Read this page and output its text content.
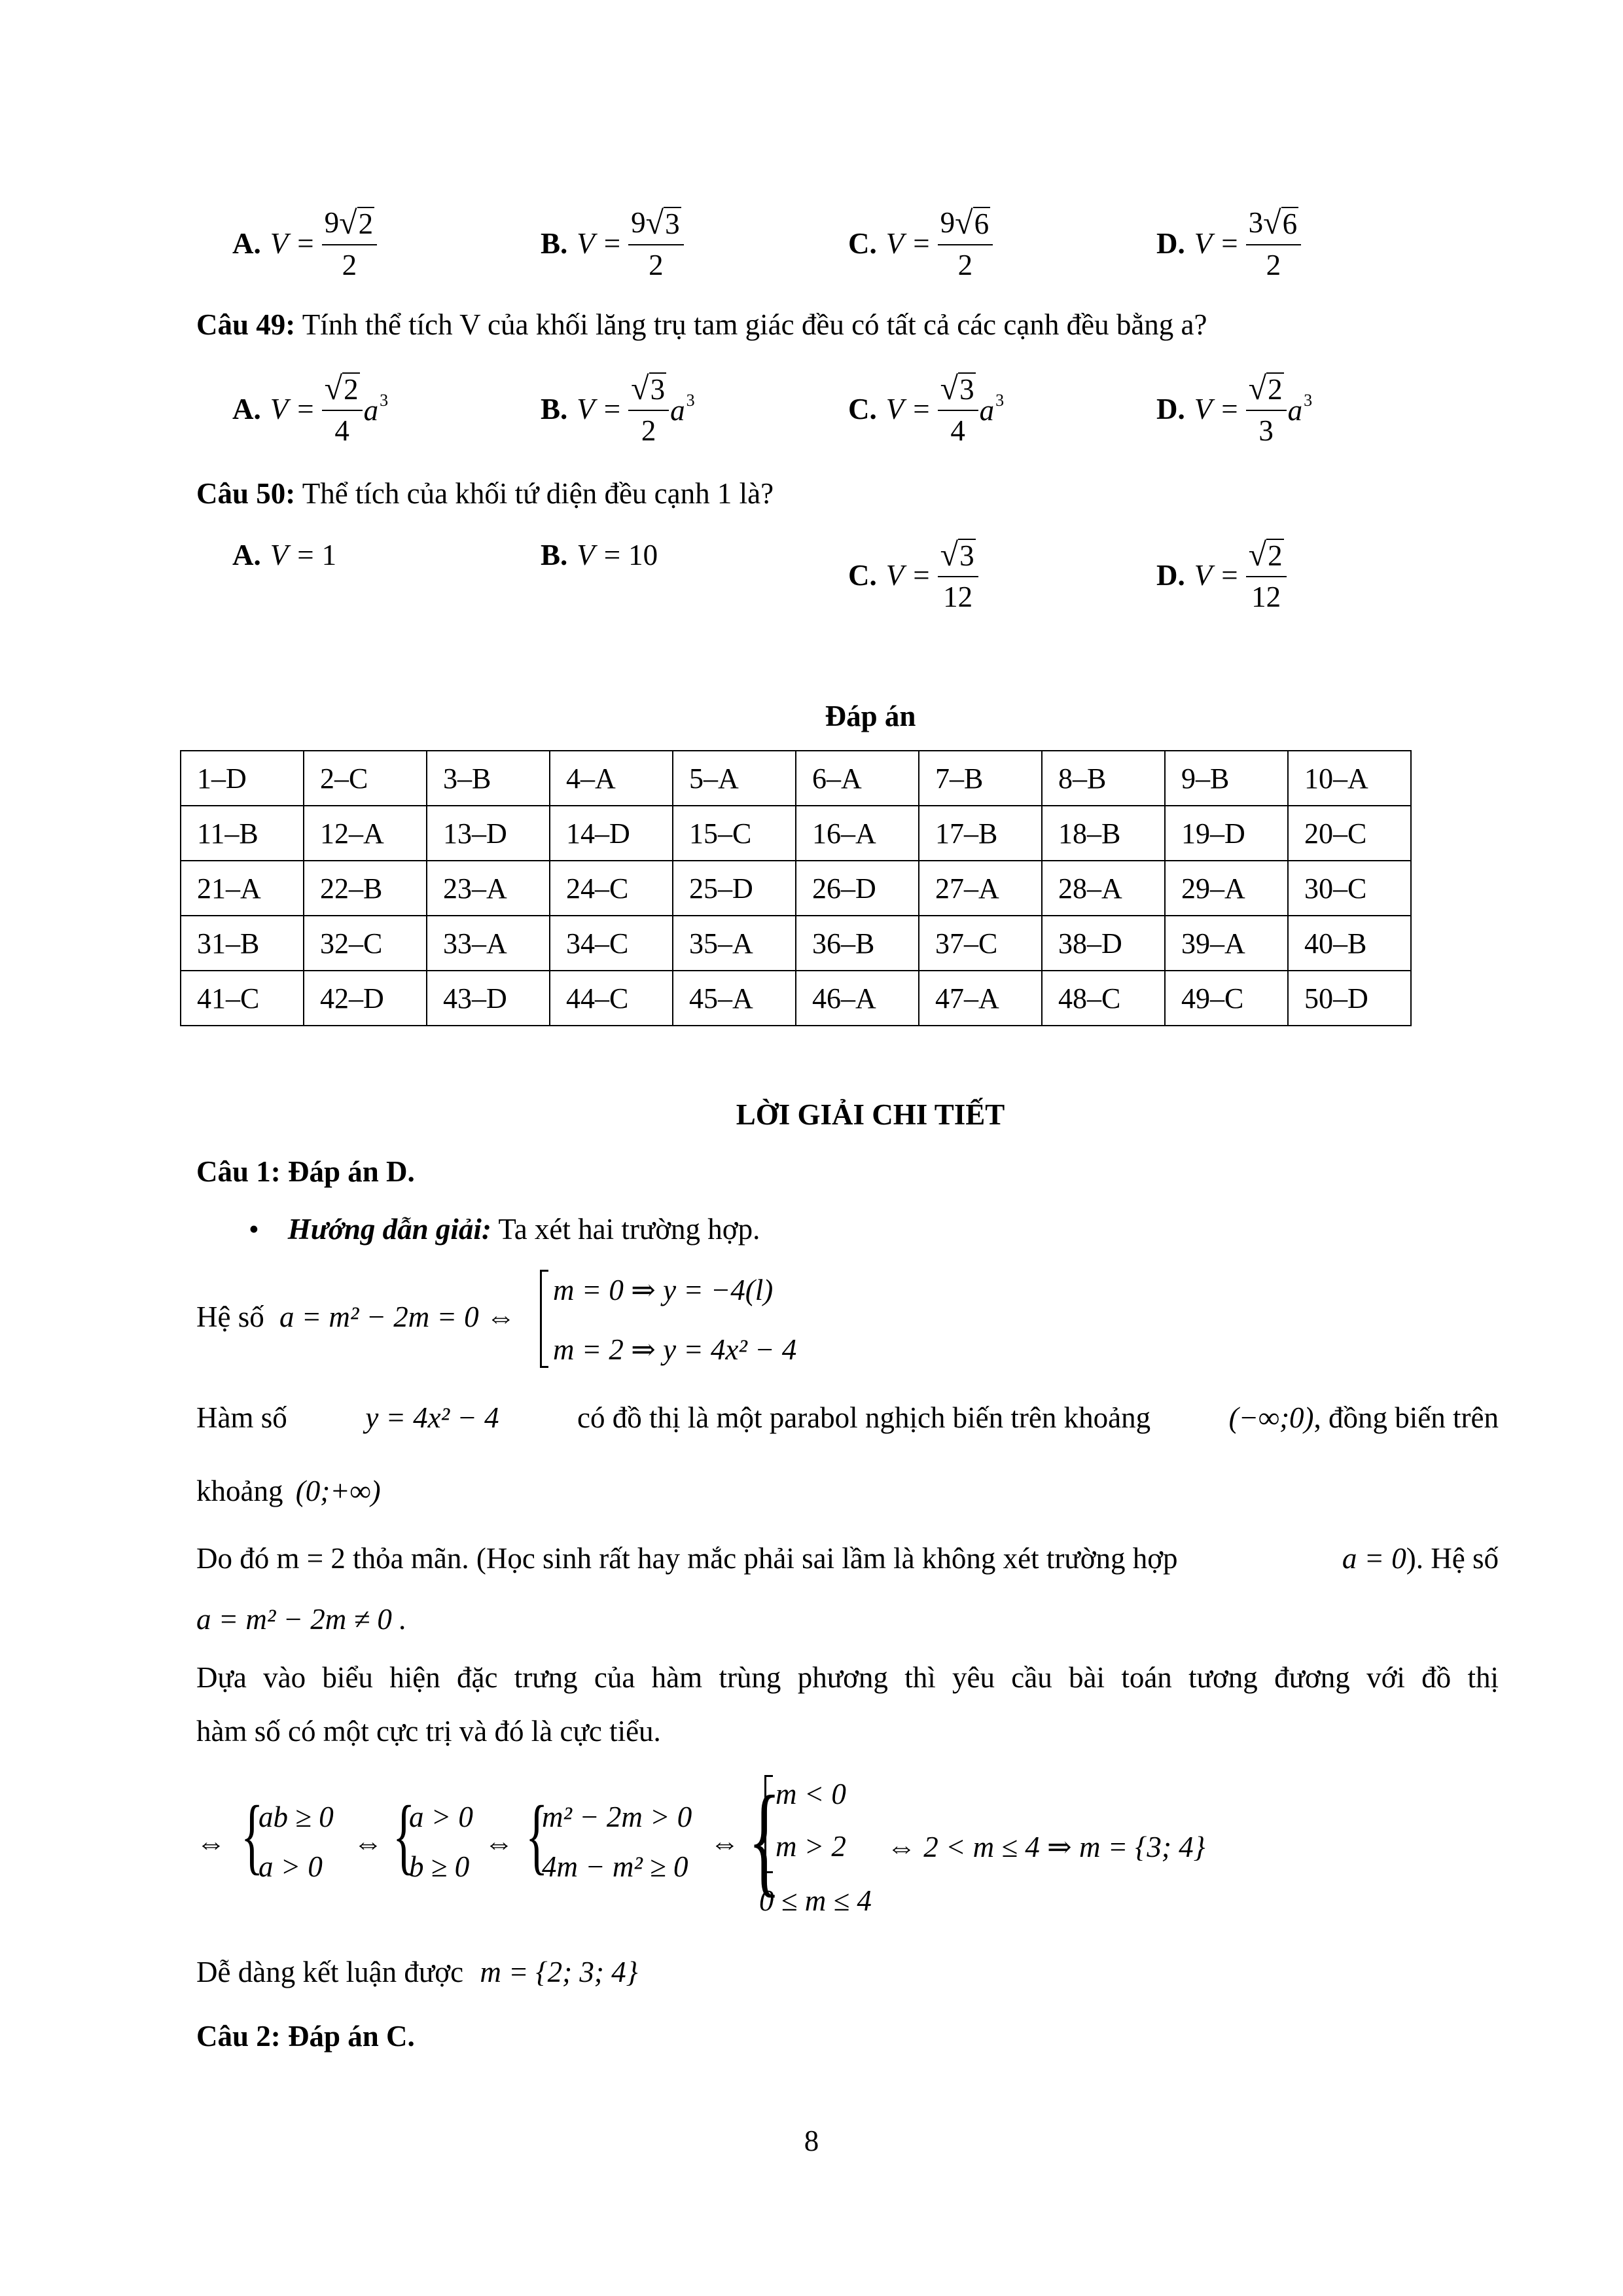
A. $V = \frac{9 √ 2}{2}$	B. $V = \frac{9 √ 3}{2}$	C. $V = \frac{9 √ 6}{2}$	D. $V = \frac{3 √ 6}{2}$
Câu 49: Tính thể tích V của khối lăng trụ tam giác đều có tất cả các cạnh đều bằng a?
A. $V = \frac{√ 2}{4} a^3$	B. $V = \frac{√ 3}{2} a^3$	C. $V = \frac{√ 3}{4} a^3$	D. $V = \frac{√ 2}{3} a^3$
Câu 50: Thể tích của khối tứ diện đều cạnh 1 là?
A. V = 1	B. V = 10
C. $V = \frac{√ 3}{12}$	D. $V = \frac{√ 2}{12}$
Đáp án
1–D	2–C	3–B	4–A	5–A	6–A	7–B	8–B	9–B	10–A
11–B	12–A	13–D	14–D	15–C	16–A	17–B	18–B	19–D	20–C
21–A	22–B	23–A	24–C	25–D	26–D	27–A	28–A	29–A	30–C
31–B	32–C	33–A	34–C	35–A	36–B	37–C	38–D	39–A	40–B
41–C	42–D	43–D	44–C	45–A	46–A	47–A	48–C	49–C	50–D
LỜI GIẢI CHI TIẾT
Câu 1: Đáp án D.
• Hướng dẫn giải: Ta xét hai trường hợp.
Hệ số a = m² − 2m = 0 ⇔
m = 0 ⇒ y = −4(l)
m = 2 ⇒ y = 4x² − 4
Hàm số	y = 4x² − 4	có đồ thị là một parabol nghịch biến trên khoảng	(−∞;0), đồng biến trên
khoảng (0;+∞)
Do đó m = 2 thỏa mãn. (Học sinh rất hay mắc phải sai lầm là không xét trường hợp	a = 0). Hệ số
a = m² − 2m ≠ 0 .
Dựa vào biểu hiện đặc trưng của hàm trùng phương thì yêu cầu bài toán tương đương với đồ thị
hàm số có một cực trị và đó là cực tiểu.
⇔ {
ab ≥ 0
a > 0
⇔ {
a > 0
b ≥ 0
⇔ {
m² − 2m > 0
4m − m² ≥ 0
⇔ {
m < 0
m > 2
0 ≤ m ≤ 4
⇔ 2 < m ≤ 4 ⇒ m = {3; 4}
Dễ dàng kết luận được m = {2; 3; 4}
Câu 2: Đáp án C.
8
